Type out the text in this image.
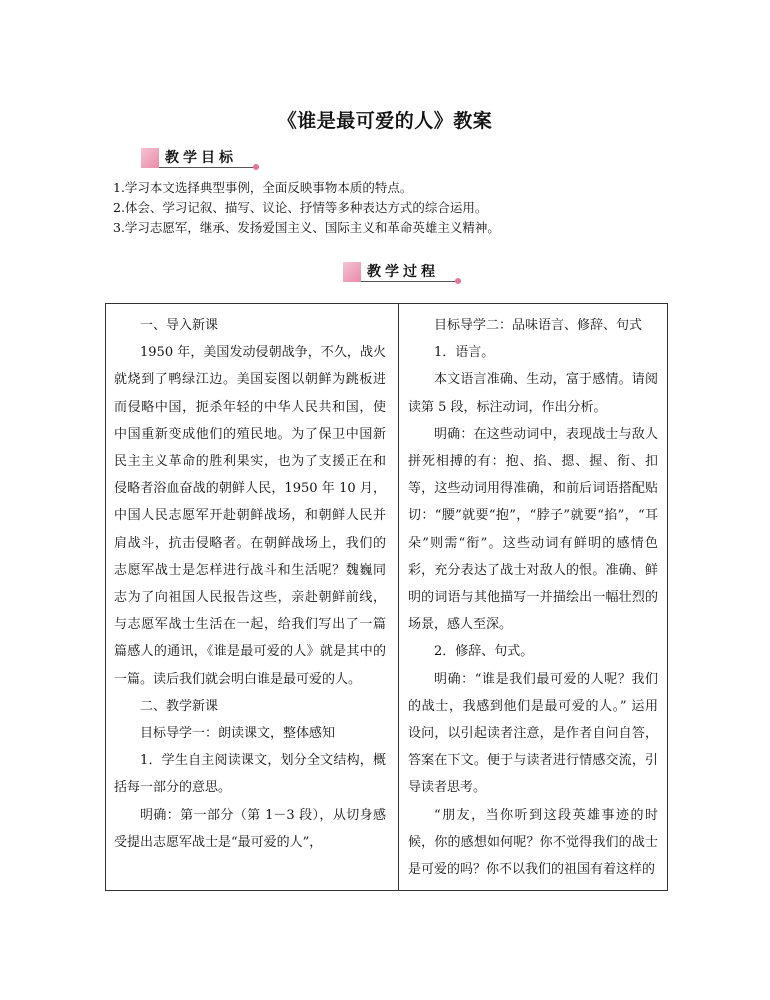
《谁是最可爱的人》教案
教学目标
1.学习本文选择典型事例，全面反映事物本质的特点。
2.体会、学习记叙、描写、议论、抒情等多种表达方式的综合运用。
3.学习志愿军，继承、发扬爱国主义、国际主义和革命英雄主义精神。
教学过程

一、导入新课

1950 年，美国发动侵朝战争，不久，战火就烧到了鸭绿江边。美国妄图以朝鲜为跳板进而侵略中国，扼杀年轻的中华人民共和国，使中国重新变成他们的殖民地。为了保卫中国新民主主义革命的胜利果实，也为了支援正在和侵略者浴血奋战的朝鲜人民，1950 年 10 月，中国人民志愿军开赴朝鲜战场，和朝鲜人民并肩战斗，抗击侵略者。在朝鲜战场上，我们的志愿军战士是怎样进行战斗和生活呢？魏巍同志为了向祖国人民报告这些，亲赴朝鲜前线，与志愿军战士生活在一起，给我们写出了一篇篇感人的通讯，《谁是最可爱的人》就是其中的一篇。读后我们就会明白谁是最可爱的人。

二、教学新课

目标导学一：朗读课文，整体感知

1．学生自主阅读课文，划分全文结构，概括每一部分的意思。

明确：第一部分（第 1－3 段），从切身感受提出志愿军战士是“最可爱的人”，

目标导学二：品味语言、修辞、句式

1．语言。

本文语言准确、生动，富于感情。请阅读第 5 段，标注动词，作出分析。

明确：在这些动词中，表现战士与敌人拼死相搏的有：抱、掐、摁、握、衔、扣等，这些动词用得准确，和前后词语搭配贴切：“腰”就要“抱”，“脖子”就要“掐”，“耳朵”则需“衔”。这些动词有鲜明的感情色彩，充分表达了战士对敌人的恨。准确、鲜明的词语与其他描写一并描绘出一幅壮烈的场景，感人至深。

2．修辞、句式。

明确：“谁是我们最可爱的人呢？我们的战士，我感到他们是最可爱的人。” 运用设问，以引起读者注意，是作者自问自答，答案在下文。便于与读者进行情感交流，引导读者思考。

“朋友，当你听到这段英雄事迹的时候，你的感想如何呢？你不觉得我们的战士是可爱的吗？你不以我们的祖国有着这样的
